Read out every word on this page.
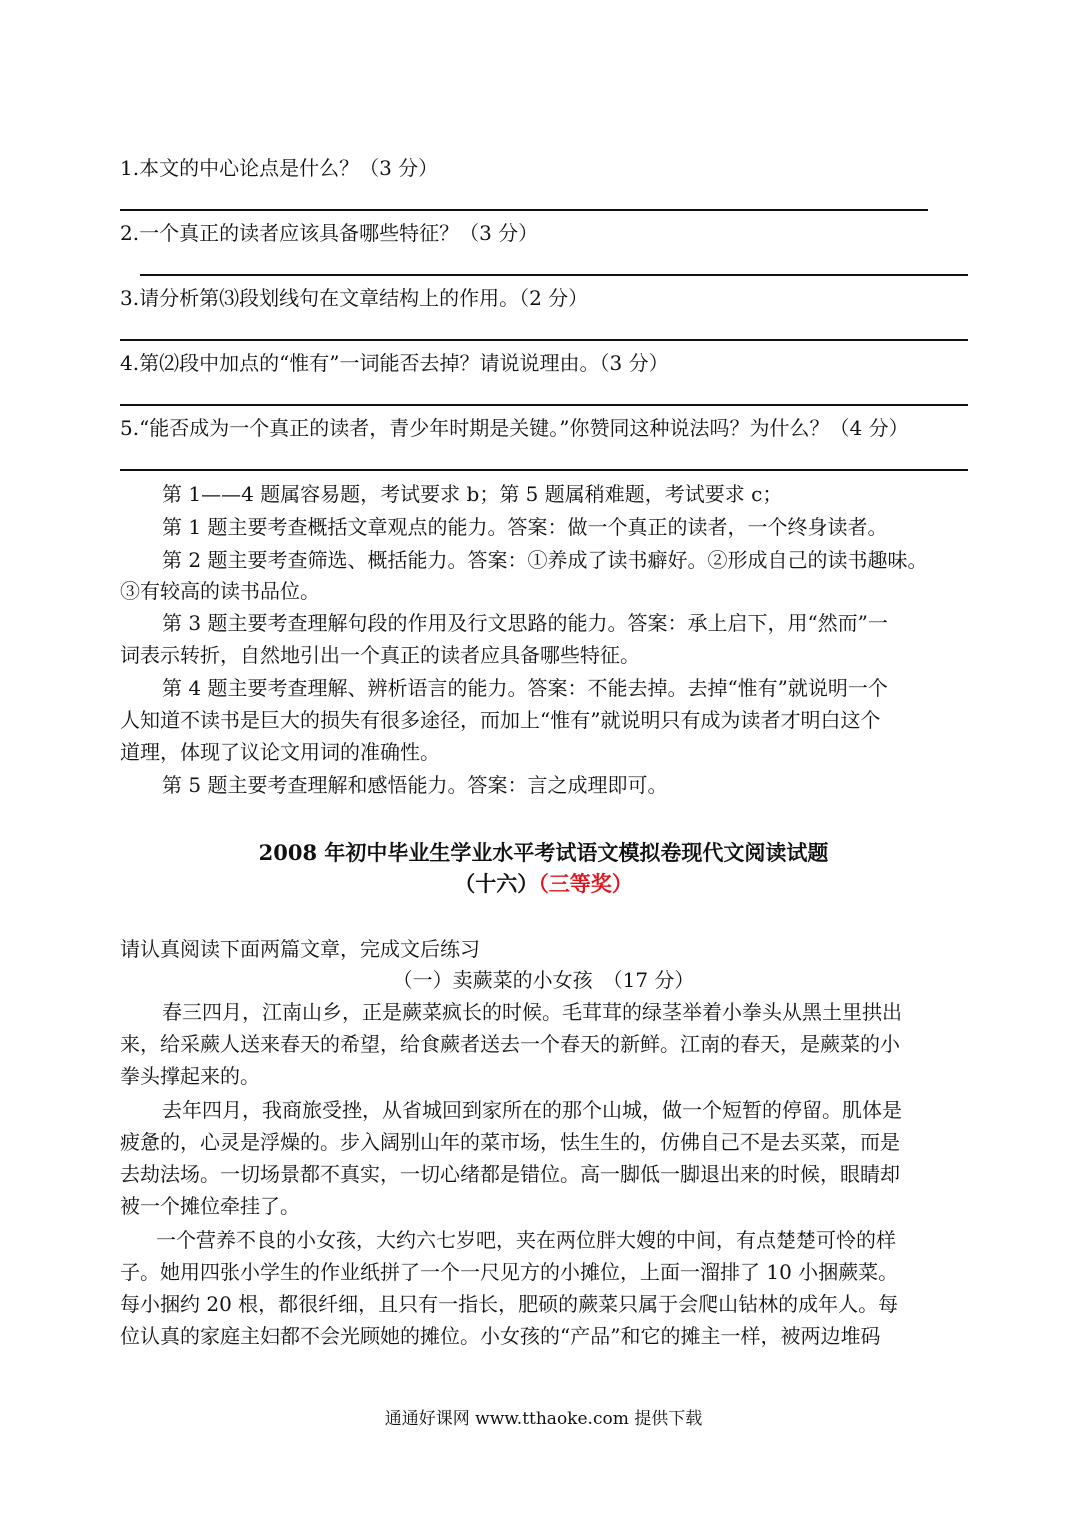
1.本文的中心论点是什么？（3 分）
2.一个真正的读者应该具备哪些特征？（3 分）
3.请分析第⑶段划线句在文章结构上的作用。（2 分）
4.第⑵段中加点的“惟有”一词能否去掉？请说说理由。（3 分）
5.“能否成为一个真正的读者，青少年时期是关键。”你赞同这种说法吗？为什么？（4 分）
第 1——4 题属容易题，考试要求 b；第 5 题属稍难题，考试要求 c；
第 1 题主要考查概括文章观点的能力。答案：做一个真正的读者，一个终身读者。
第 2 题主要考查筛选、概括能力。答案：①养成了读书癖好。②形成自己的读书趣味。
③有较高的读书品位。
第 3 题主要考查理解句段的作用及行文思路的能力。答案：承上启下，用“然而”一
词表示转折，自然地引出一个真正的读者应具备哪些特征。
第 4 题主要考查理解、辨析语言的能力。答案：不能去掉。去掉“惟有”就说明一个
人知道不读书是巨大的损失有很多途径，而加上“惟有”就说明只有成为读者才明白这个
道理，体现了议论文用词的准确性。
第 5 题主要考查理解和感悟能力。答案：言之成理即可。
2008 年初中毕业生学业水平考试语文模拟卷现代文阅读试题
（十六）（三等奖）
请认真阅读下面两篇文章，完成文后练习
（一）卖蕨菜的小女孩　（17 分）
春三四月，江南山乡，正是蕨菜疯长的时候。毛茸茸的绿茎举着小拳头从黑土里拱出
来，给采蕨人送来春天的希望，给食蕨者送去一个春天的新鲜。江南的春天，是蕨菜的小
拳头撑起来的。
去年四月，我商旅受挫，从省城回到家所在的那个山城，做一个短暂的停留。肌体是
疲惫的，心灵是浮燥的。步入阔别山年的菜市场，怯生生的，仿佛自己不是去买菜，而是
去劫法场。一切场景都不真实，一切心绪都是错位。高一脚低一脚退出来的时候，眼睛却
被一个摊位牵挂了。
一个营养不良的小女孩，大约六七岁吧，夹在两位胖大嫂的中间，有点楚楚可怜的样
子。她用四张小学生的作业纸拼了一个一尺见方的小摊位，上面一溜排了 10 小捆蕨菜。
每小捆约 20 根，都很纤细，且只有一指长，肥硕的蕨菜只属于会爬山钻林的成年人。每
位认真的家庭主妇都不会光顾她的摊位。小女孩的“产品”和它的摊主一样，被两边堆码
通通好课网 www.tthaoke.com 提供下载
